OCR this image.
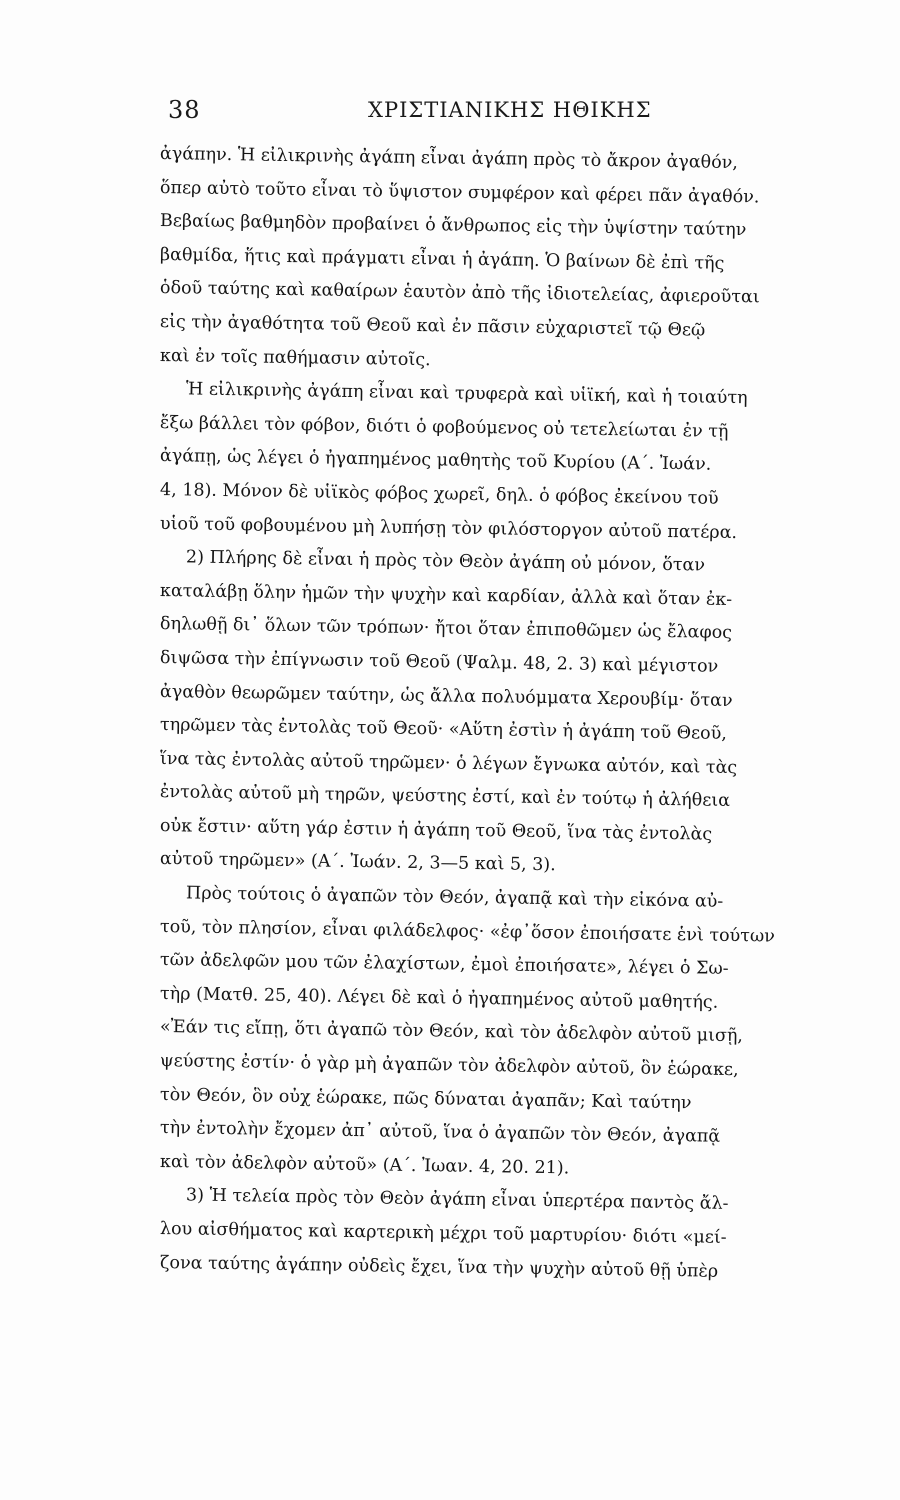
38	ΧΡΙΣΤΙΑΝΙΚΗΣ ΗΘΙΚΗΣ
ἀγάπην. Ἡ εἰλικρινὴς ἀγάπη εἶναι ἀγάπη πρὸς τὸ ἄκρον ἀγαθόν,
ὅπερ αὐτὸ τοῦτο εἶναι τὸ ὕψιστον συμφέρον καὶ φέρει πᾶν ἀγαθόν.
Βεβαίως βαθμηδὸν προβαίνει ὁ ἄνθρωπος εἰς τὴν ὑψίστην ταύτην
βαθμίδα, ἥτις καὶ πράγματι εἶναι ἡ ἀγάπη. Ὁ βαίνων δὲ ἐπὶ τῆς
ὁδοῦ ταύτης καὶ καθαίρων ἑαυτὸν ἀπὸ τῆς ἰδιοτελείας, ἀφιεροῦται
εἰς τὴν ἀγαθότητα τοῦ Θεοῦ καὶ ἐν πᾶσιν εὐχαριστεῖ τῷ Θεῷ
καὶ ἐν τοῖς παθήμασιν αὐτοῖς.
Ἡ εἰλικρινὴς ἀγάπη εἶναι καὶ τρυφερὰ καὶ υἱϊκή, καὶ ἡ τοιαύτη
ἔξω βάλλει τὸν φόβον, διότι ὁ φοβούμενος οὐ τετελείωται ἐν τῇ
ἀγάπῃ, ὡς λέγει ὁ ἠγαπημένος μαθητὴς τοῦ Κυρίου (Α΄. Ἰωάν.
4, 18). Μόνον δὲ υἱϊκὸς φόβος χωρεῖ, δηλ. ὁ φόβος ἐκείνου τοῦ
υἱοῦ τοῦ φοβουμένου μὴ λυπήσῃ τὸν φιλόστοργον αὐτοῦ πατέρα.
2) Πλήρης δὲ εἶναι ἡ πρὸς τὸν Θεὸν ἀγάπη οὐ μόνον, ὅταν
καταλάβῃ ὅλην ἡμῶν τὴν ψυχὴν καὶ καρδίαν, ἀλλὰ καὶ ὅταν ἐκ-
δηλωθῇ δι᾽ ὅλων τῶν τρόπων· ἤτοι ὅταν ἐπιποθῶμεν ὡς ἔλαφος
διψῶσα τὴν ἐπίγνωσιν τοῦ Θεοῦ (Ψαλμ. 48, 2. 3) καὶ μέγιστον
ἀγαθὸν θεωρῶμεν ταύτην, ὡς ἄλλα πολυόμματα Χερουβίμ· ὅταν
τηρῶμεν τὰς ἐντολὰς τοῦ Θεοῦ· «Αὕτη ἐστὶν ἡ ἀγάπη τοῦ Θεοῦ,
ἵνα τὰς ἐντολὰς αὐτοῦ τηρῶμεν· ὁ λέγων ἔγνωκα αὐτόν, καὶ τὰς
ἐντολὰς αὐτοῦ μὴ τηρῶν, ψεύστης ἐστί, καὶ ἐν τούτῳ ἡ ἀλήθεια
οὐκ ἔστιν· αὕτη γάρ ἐστιν ἡ ἀγάπη τοῦ Θεοῦ, ἵνα τὰς ἐντολὰς
αὐτοῦ τηρῶμεν» (Α΄. Ἰωάν. 2, 3—5 καὶ 5, 3).
Πρὸς τούτοις ὁ ἀγαπῶν τὸν Θεόν, ἀγαπᾷ καὶ τὴν εἰκόνα αὐ-
τοῦ, τὸν πλησίον, εἶναι φιλάδελφος· «ἐφ᾽ὅσον ἐποιήσατε ἑνὶ τούτων
τῶν ἀδελφῶν μου τῶν ἐλαχίστων, ἐμοὶ ἐποιήσατε», λέγει ὁ Σω-
τὴρ (Ματθ. 25, 40). Λέγει δὲ καὶ ὁ ἠγαπημένος αὐτοῦ μαθητής.
«Ἐάν τις εἴπῃ, ὅτι ἀγαπῶ τὸν Θεόν, καὶ τὸν ἀδελφὸν αὐτοῦ μισῇ,
ψεύστης ἐστίν· ὁ γὰρ μὴ ἀγαπῶν τὸν ἀδελφὸν αὐτοῦ, ὃν ἑώρακε,
τὸν Θεόν, ὃν οὐχ ἑώρακε, πῶς δύναται ἀγαπᾶν; Καὶ ταύτην
τὴν ἐντολὴν ἔχομεν ἀπ᾽ αὐτοῦ, ἵνα ὁ ἀγαπῶν τὸν Θεόν, ἀγαπᾷ
καὶ τὸν ἀδελφὸν αὐτοῦ» (Α΄. Ἰωαν. 4, 20. 21).
3) Ἡ τελεία πρὸς τὸν Θεὸν ἀγάπη εἶναι ὑπερτέρα παντὸς ἄλ-
λου αἰσθήματος καὶ καρτερικὴ μέχρι τοῦ μαρτυρίου· διότι «μεί-
ζονα ταύτης ἀγάπην οὐδεὶς ἔχει, ἵνα τὴν ψυχὴν αὐτοῦ θῇ ὑπὲρ
